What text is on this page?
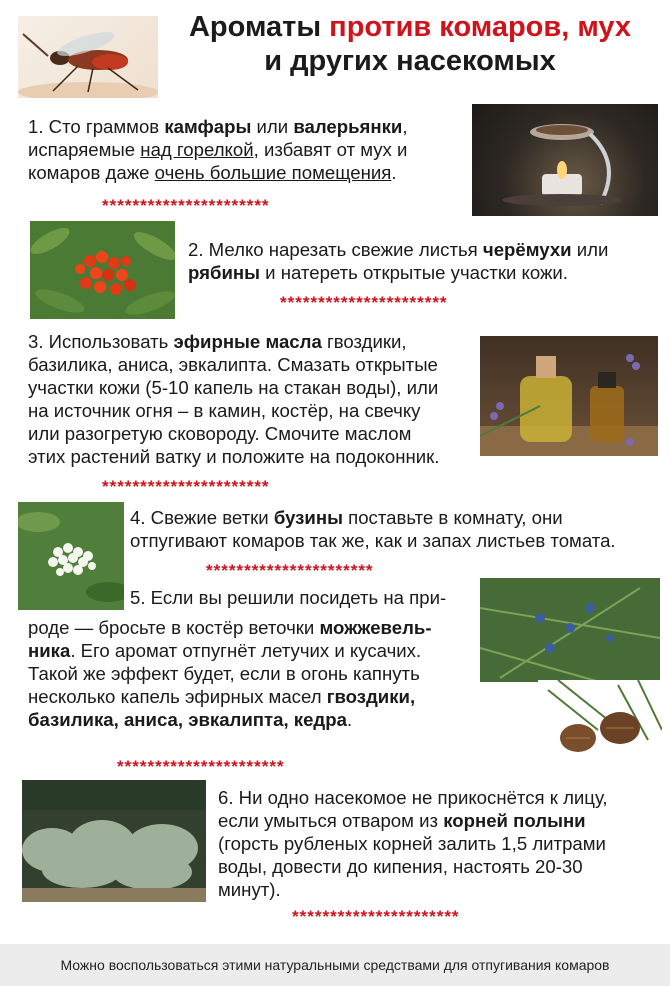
Ароматы против комаров, мух
и других насекомых
1. Сто граммов камфары или валерьянки,
испаряемые над горелкой, избавят от мух и
комаров даже очень большие помещения.
**********************
2. Мелко нарезать свежие листья черёмухи или
рябины и натереть открытые участки кожи.
**********************
3. Использовать эфирные масла гвоздики,
базилика, аниса, эвкалипта. Смазать открытые
участки кожи (5-10 капель на стакан воды), или
на источник огня – в камин, костёр, на свечку
или разогретую сковороду. Смочите маслом
этих растений ватку и положите на подоконник.
**********************
4. Свежие ветки бузины поставьте в комнату, они
отпугивают комаров так же, как и запах листьев томата.
**********************
5. Если вы решили посидеть на при-
роде — бросьте в костёр веточки можжевель-
ника. Его аромат отпугнёт летучих и кусачих.
Такой же эффект будет, если в огонь капнуть
несколько капель эфирных масел гвоздики,
базилика, аниса, эвкалипта, кедра.
**********************
6. Ни одно насекомое не прикоснётся к лицу,
если умыться отваром из корней полыни
(горсть рубленых корней залить 1,5 литрами
воды, довести до кипения, настоять 20-30
минут).
**********************
Можно воспользоваться этими натуральными средствами для отпугивания комаров
